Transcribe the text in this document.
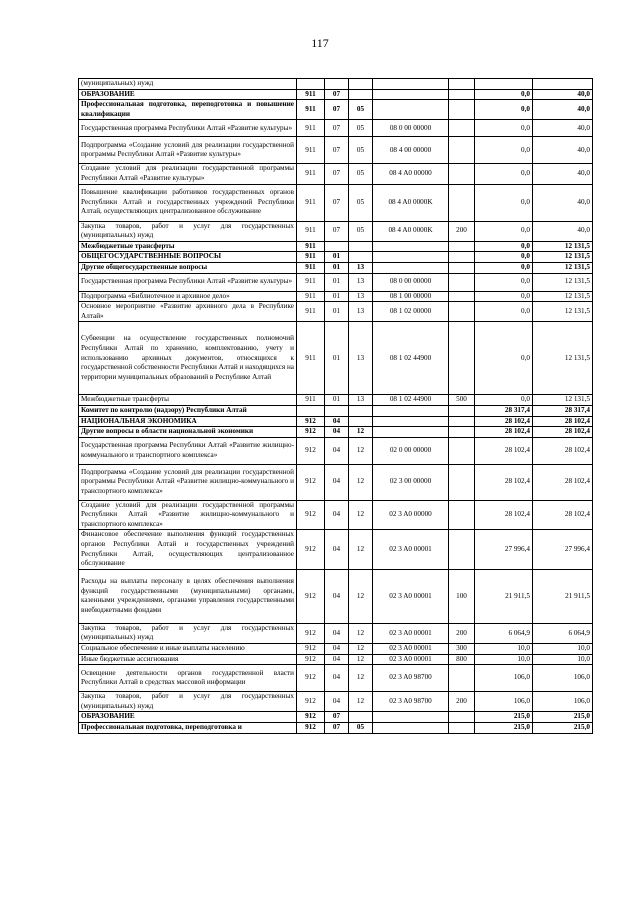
117
(муниципальных) нужд							
ОБРАЗОВАНИЕ	911	07				0,0	40,0
Профессиональная подготовка, переподготовка и повышение квалификации	911	07	05			0,0	40,0
Государственная программа Республики Алтай «Развитие культуры»	911	07	05	08 0 00 00000		0,0	40,0
Подпрограмма «Создание условий для реализации государственной программы Республики Алтай «Развитие культуры»	911	07	05	08 4 00 00000		0,0	40,0
Создание условий для реализации государственной программы Республики Алтай «Развитие культуры»	911	07	05	08 4 A0 00000		0,0	40,0
Повышение квалификации работников государственных органов Республики Алтай и государственных учреждений Республики Алтай, осуществляющих централизованное обслуживание	911	07	05	08 4 A0 0000K		0,0	40,0
Закупка товаров, работ и услуг для государственных (муниципальных) нужд	911	07	05	08 4 A0 0000K	200	0,0	40,0
Межбюджетные трансферты	911					0,0	12 131,5
ОБЩЕГОСУДАРСТВЕННЫЕ ВОПРОСЫ	911	01				0,0	12 131,5
Другие общегосударственные вопросы	911	01	13			0,0	12 131,5
Государственная программа Республики Алтай «Развитие культуры»	911	01	13	08 0 00 00000		0,0	12 131,5
Подпрограмма «Библиотечное и архивное дело»	911	01	13	08 1 00 00000		0,0	12 131,5
Основное мероприятие «Развитие архивного дела в Республике Алтай»	911	01	13	08 1 02 00000		0,0	12 131,5
Субвенции на осуществление государственных полномочий Республики Алтай по хранению, комплектованию, учету и использованию архивных документов, относящихся к государственной собственности Республики Алтай и находящихся на территории муниципальных образований в Республике Алтай	911	01	13	08 1 02 44900		0,0	12 131,5
Межбюджетные трансферты	911	01	13	08 1 02 44900	500	0,0	12 131,5
Комитет по контролю (надзору) Республики Алтай						28 317,4	28 317,4
НАЦИОНАЛЬНАЯ ЭКОНОМИКА	912	04				28 102,4	28 102,4
Другие вопросы в области национальной экономики	912	04	12			28 102,4	28 102,4
Государственная программа Республики Алтай «Развитие жилищно-коммунального и транспортного комплекса»	912	04	12	02 0 00 00000		28 102,4	28 102,4
Подпрограмма «Создание условий для реализации государственной программы Республики Алтай «Развитие жилищно-коммунального и транспортного комплекса»	912	04	12	02 3 00 00000		28 102,4	28 102,4
Создание условий для реализации государственной программы Республики Алтай «Развитие жилищно-коммунального и транспортного комплекса»	912	04	12	02 3 A0 00000		28 102,4	28 102,4
Финансовое обеспечение выполнения функций государственных органов Республики Алтай и государственных учреждений Республики Алтай, осуществляющих централизованное обслуживание	912	04	12	02 3 A0 00001		27 996,4	27 996,4
Расходы на выплаты персоналу в целях обеспечения выполнения функций государственными (муниципальными) органами, казенными учреждениями, органами управления государственными внебюджетными фондами	912	04	12	02 3 A0 00001	100	21 911,5	21 911,5
Закупка товаров, работ и услуг для государственных (муниципальных) нужд	912	04	12	02 3 A0 00001	200	6 064,9	6 064,9
Социальное обеспечение и иные выплаты населению	912	04	12	02 3 A0 00001	300	10,0	10,0
Иные бюджетные ассигнования	912	04	12	02 3 A0 00001	800	10,0	10,0
Освещение деятельности органов государственной власти Республики Алтай в средствах массовой информации	912	04	12	02 3 A0 98700		106,0	106,0
Закупка товаров, работ и услуг для государственных (муниципальных) нужд	912	04	12	02 3 A0 98700	200	106,0	106,0
ОБРАЗОВАНИЕ	912	07				215,0	215,0
Профессиональная подготовка, переподготовка и	912	07	05			215,0	215,0
